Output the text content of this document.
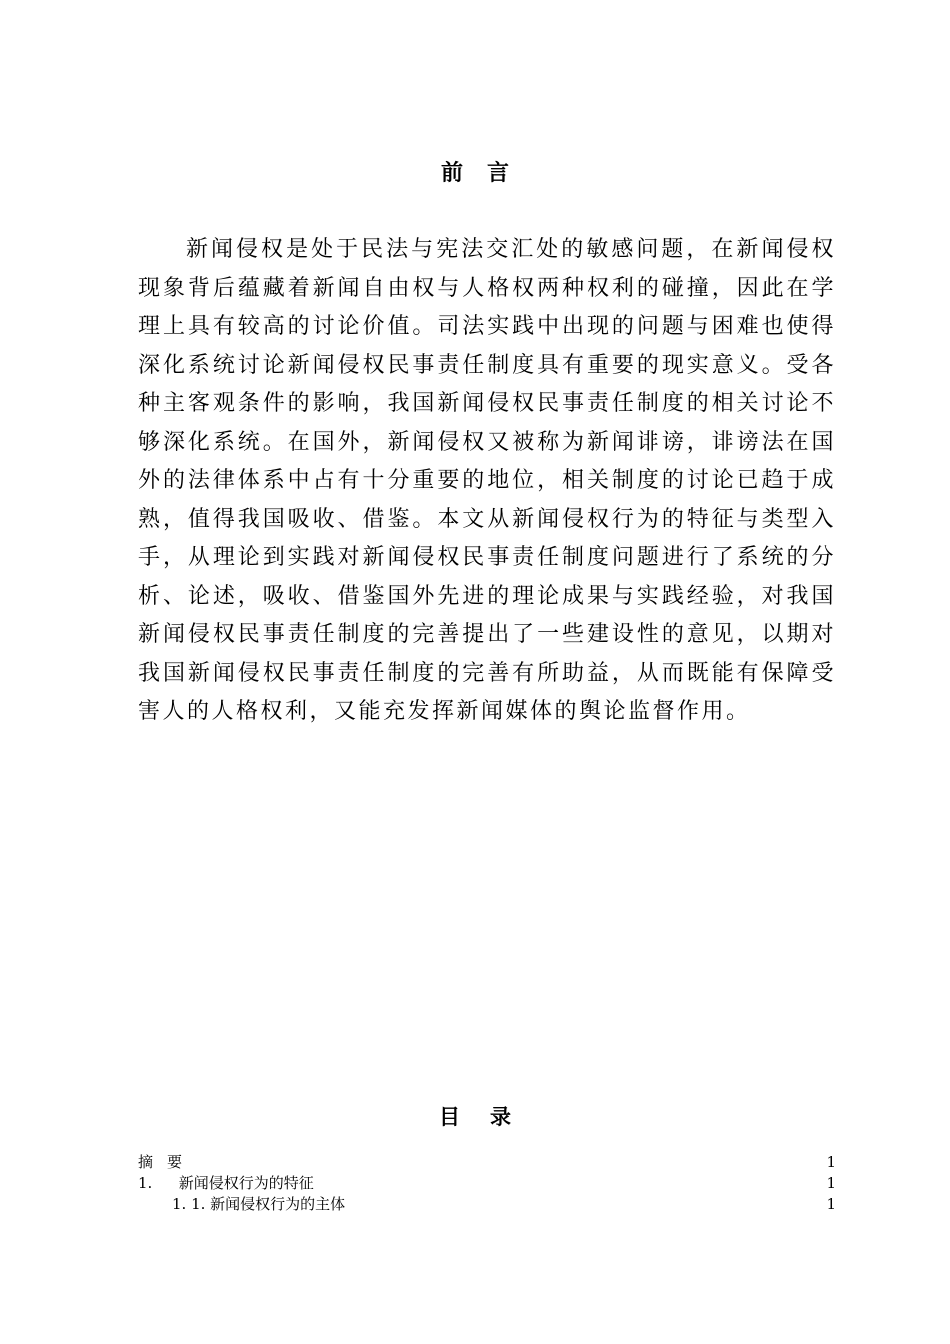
前言

新闻侵权是处于民法与宪法交汇处的敏感问题，在新闻侵权现象背后蕴藏着新闻自由权与人格权两种权利的碰撞，因此在学理上具有较高的讨论价值。司法实践中出现的问题与困难也使得深化系统讨论新闻侵权民事责任制度具有重要的现实意义。受各种主客观条件的影响，我国新闻侵权民事责任制度的相关讨论不够深化系统。在国外，新闻侵权又被称为新闻诽谤，诽谤法在国外的法律体系中占有十分重要的地位，相关制度的讨论已趋于成熟，值得我国吸收、借鉴。本文从新闻侵权行为的特征与类型入手，从理论到实践对新闻侵权民事责任制度问题进行了系统的分析、论述，吸收、借鉴国外先进的理论成果与实践经验，对我国新闻侵权民事责任制度的完善提出了一些建设性的意见，以期对我国新闻侵权民事责任制度的完善有所助益，从而既能有保障受害人的人格权利，又能充发挥新闻媒体的舆论监督作用。

目录
摘要	1
1. 新闻侵权行为的特征	1
1. 1. 新闻侵权行为的主体	1
